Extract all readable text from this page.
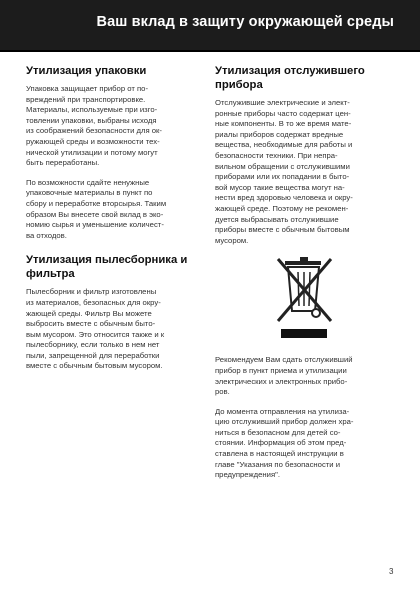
Ваш вклад в защиту окружающей среды
Утилизация упаковки

Упаковка защищает прибор от по-
вреждений при транспортировке.
Материалы, используемые при изго-
товлении упаковки, выбраны исходя
из соображений безопасности для ок-
ружающей среды и возможности тех-
нической утилизации и потому могут
быть переработаны.

По возможности сдайте ненужные
упаковочные материалы в пункт по
сбору и переработке вторсырья. Таким
образом Вы внесете свой вклад в эко-
номию сырья и уменьшение количест-
ва отходов.

Утилизация пылесборника и фильтра

Пылесборник и фильтр изготовлены
из материалов, безопасных для окру-
жающей среды. Фильтр Вы можете
выбросить вместе с обычным быто-
вым мусором. Это относится также и к
пылесборнику, если только в нем нет
пыли, запрещенной для переработки
вместе с обычным бытовым мусором.

Утилизация отслужившего прибора

Отслужившие электрические и элект-
ронные приборы часто содержат цен-
ные компоненты. В то же время мате-
риалы приборов содержат вредные
вещества, необходимые для работы и
безопасности техники. При непра-
вильном обращении с отслужившими
приборами или их попадании в быто-
вой мусор такие вещества могут на-
нести вред здоровью человека и окру-
жающей среде. Поэтому не рекомен-
дуется выбрасывать отслужившие
приборы вместе с обычным бытовым
мусором.

Рекомендуем Вам сдать отслуживший
прибор в пункт приема и утилизации
электрических и электронных прибо-
ров.

До момента отправления на утилиза-
цию отслуживший прибор должен хра-
ниться в безопасном для детей со-
стоянии. Информация об этом пред-
ставлена в настоящей инструкции в
главе "Указания по безопасности и
предупреждения".

3
